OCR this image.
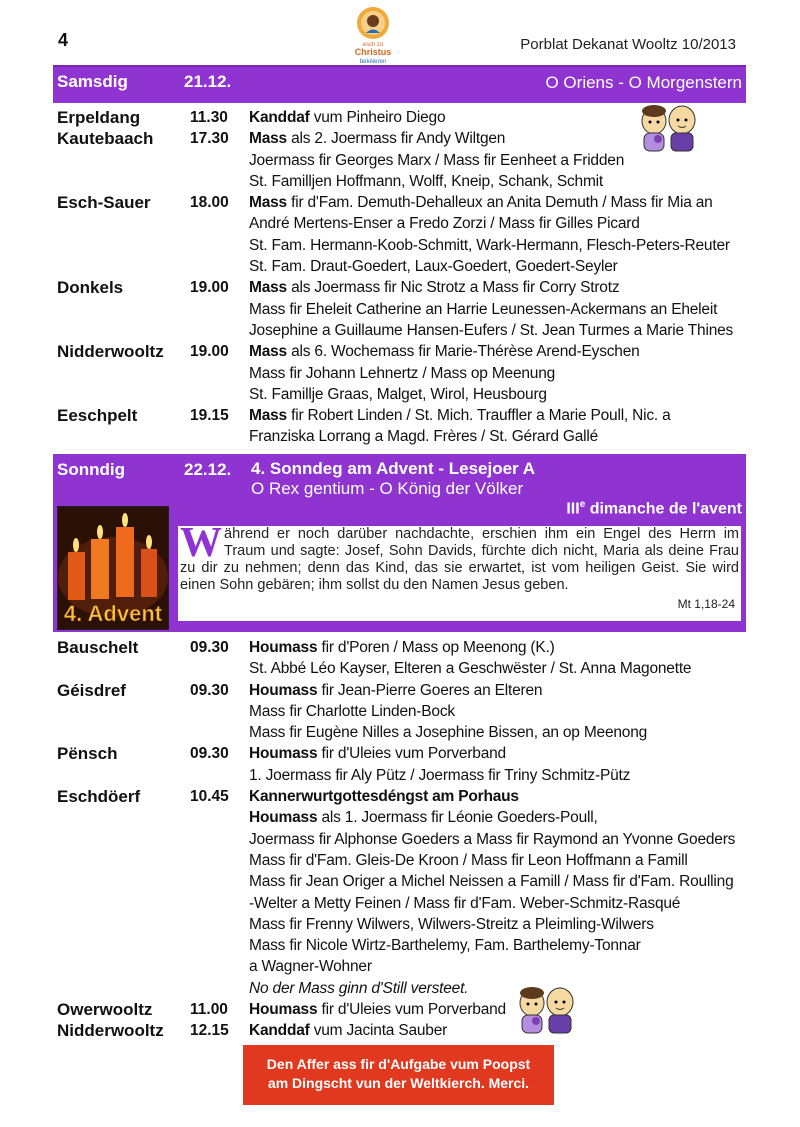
4	esch zu
Christus
bekéieren
Porblat Dekanat Wooltz 10/2013
Samsdig	21.12.	O Oriens - O Morgenstern
Erpeldang	11.30 Kanddaf vum Pinheiro Diego
Kautebaach 17.30 Mass als 2. Joermass fir Andy Wiltgen
Joermass fir Georges Marx / Mass fir Eenheet a Fridden
St. Familljen Hoffmann, Wolff, Kneip, Schank, Schmit
Esch-Sauer	18.00 Mass fir d'Fam. Demuth-Dehalleux an Anita Demuth / Mass fir Mia an
André Mertens-Enser a Fredo Zorzi / Mass fir Gilles Picard
St. Fam. Hermann-Koob-Schmitt, Wark-Hermann, Flesch-Peters-Reuter
St. Fam. Draut-Goedert, Laux-Goedert, Goedert-Seyler
Donkels	19.00 Mass als Joermass fir Nic Strotz a Mass fir Corry Strotz
Mass fir Eheleit Catherine an Harrie Leunessen-Ackermans an Eheleit
Josephine a Guillaume Hansen-Eufers / St. Jean Turmes a Marie Thines
Nidderwooltz 19.00 Mass als 6. Wochemass fir Marie-Thérèse Arend-Eyschen
Mass fir Johann Lehnertz / Mass op Meenung
St. Famillje Graas, Malget, Wirol, Heusbourg
Eeschpelt	19.15 Mass fir Robert Linden / St. Mich. Trauffler a Marie Poull, Nic. a
Franziska Lorrang a Magd. Frères / St. Gérard Gallé
Sonndig	22.12. 4. Sonndeg am Advent - Lesejoer A
O Rex gentium - O König der Völker
IIIe dimanche de l'avent
4. Advent
Während er noch darüber nachdachte, erschien ihm ein Engel des Herrn im Traum und sagte: Josef, Sohn Davids, fürchte dich nicht, Maria als deine Frau zu dir zu nehmen; denn das Kind, das sie erwartet, ist vom heiligen Geist. Sie wird einen Sohn gebären; ihm sollst du den Namen Jesus geben.
Mt 1,18-24
Bauschelt	09.30 Houmass fir d'Poren / Mass op Meenong (K.)
St. Abbé Léo Kayser, Elteren a Geschwëster / St. Anna Magonette
Géisdref	09.30 Houmass fir Jean-Pierre Goeres an Elteren
Mass fir Charlotte Linden-Bock
Mass fir Eugène Nilles a Josephine Bissen, an op Meenong
Pënsch	09.30 Houmass fir d'Uleies vum Porverband
1. Joermass fir Aly Pütz / Joermass fir Triny Schmitz-Pütz
Eschdöerf	10.45 Kannerwurtgottesdéngst am Porhaus
Houmass als 1. Joermass fir Léonie Goeders-Poull,
Joermass fir Alphonse Goeders a Mass fir Raymond an Yvonne Goeders
Mass fir d'Fam. Gleis-De Kroon / Mass fir Leon Hoffmann a Famill
Mass fir Jean Origer a Michel Neissen a Famill / Mass fir d'Fam. Roulling
-Welter a Metty Feinen / Mass fir d'Fam. Weber-Schmitz-Rasqué
Mass fir Frenny Wilwers, Wilwers-Streitz a Pleimling-Wilwers
Mass fir Nicole Wirtz-Barthelemy, Fam. Barthelemy-Tonnar
a Wagner-Wohner
No der Mass ginn d'Still versteet.
Owerwooltz 11.00 Houmass fir d'Uleies vum Porverband
Nidderwooltz 12.15 Kanddaf vum Jacinta Sauber
Den Affer ass fir d'Aufgabe vum Poopst
am Dingscht vun der Weltkierch. Merci.
